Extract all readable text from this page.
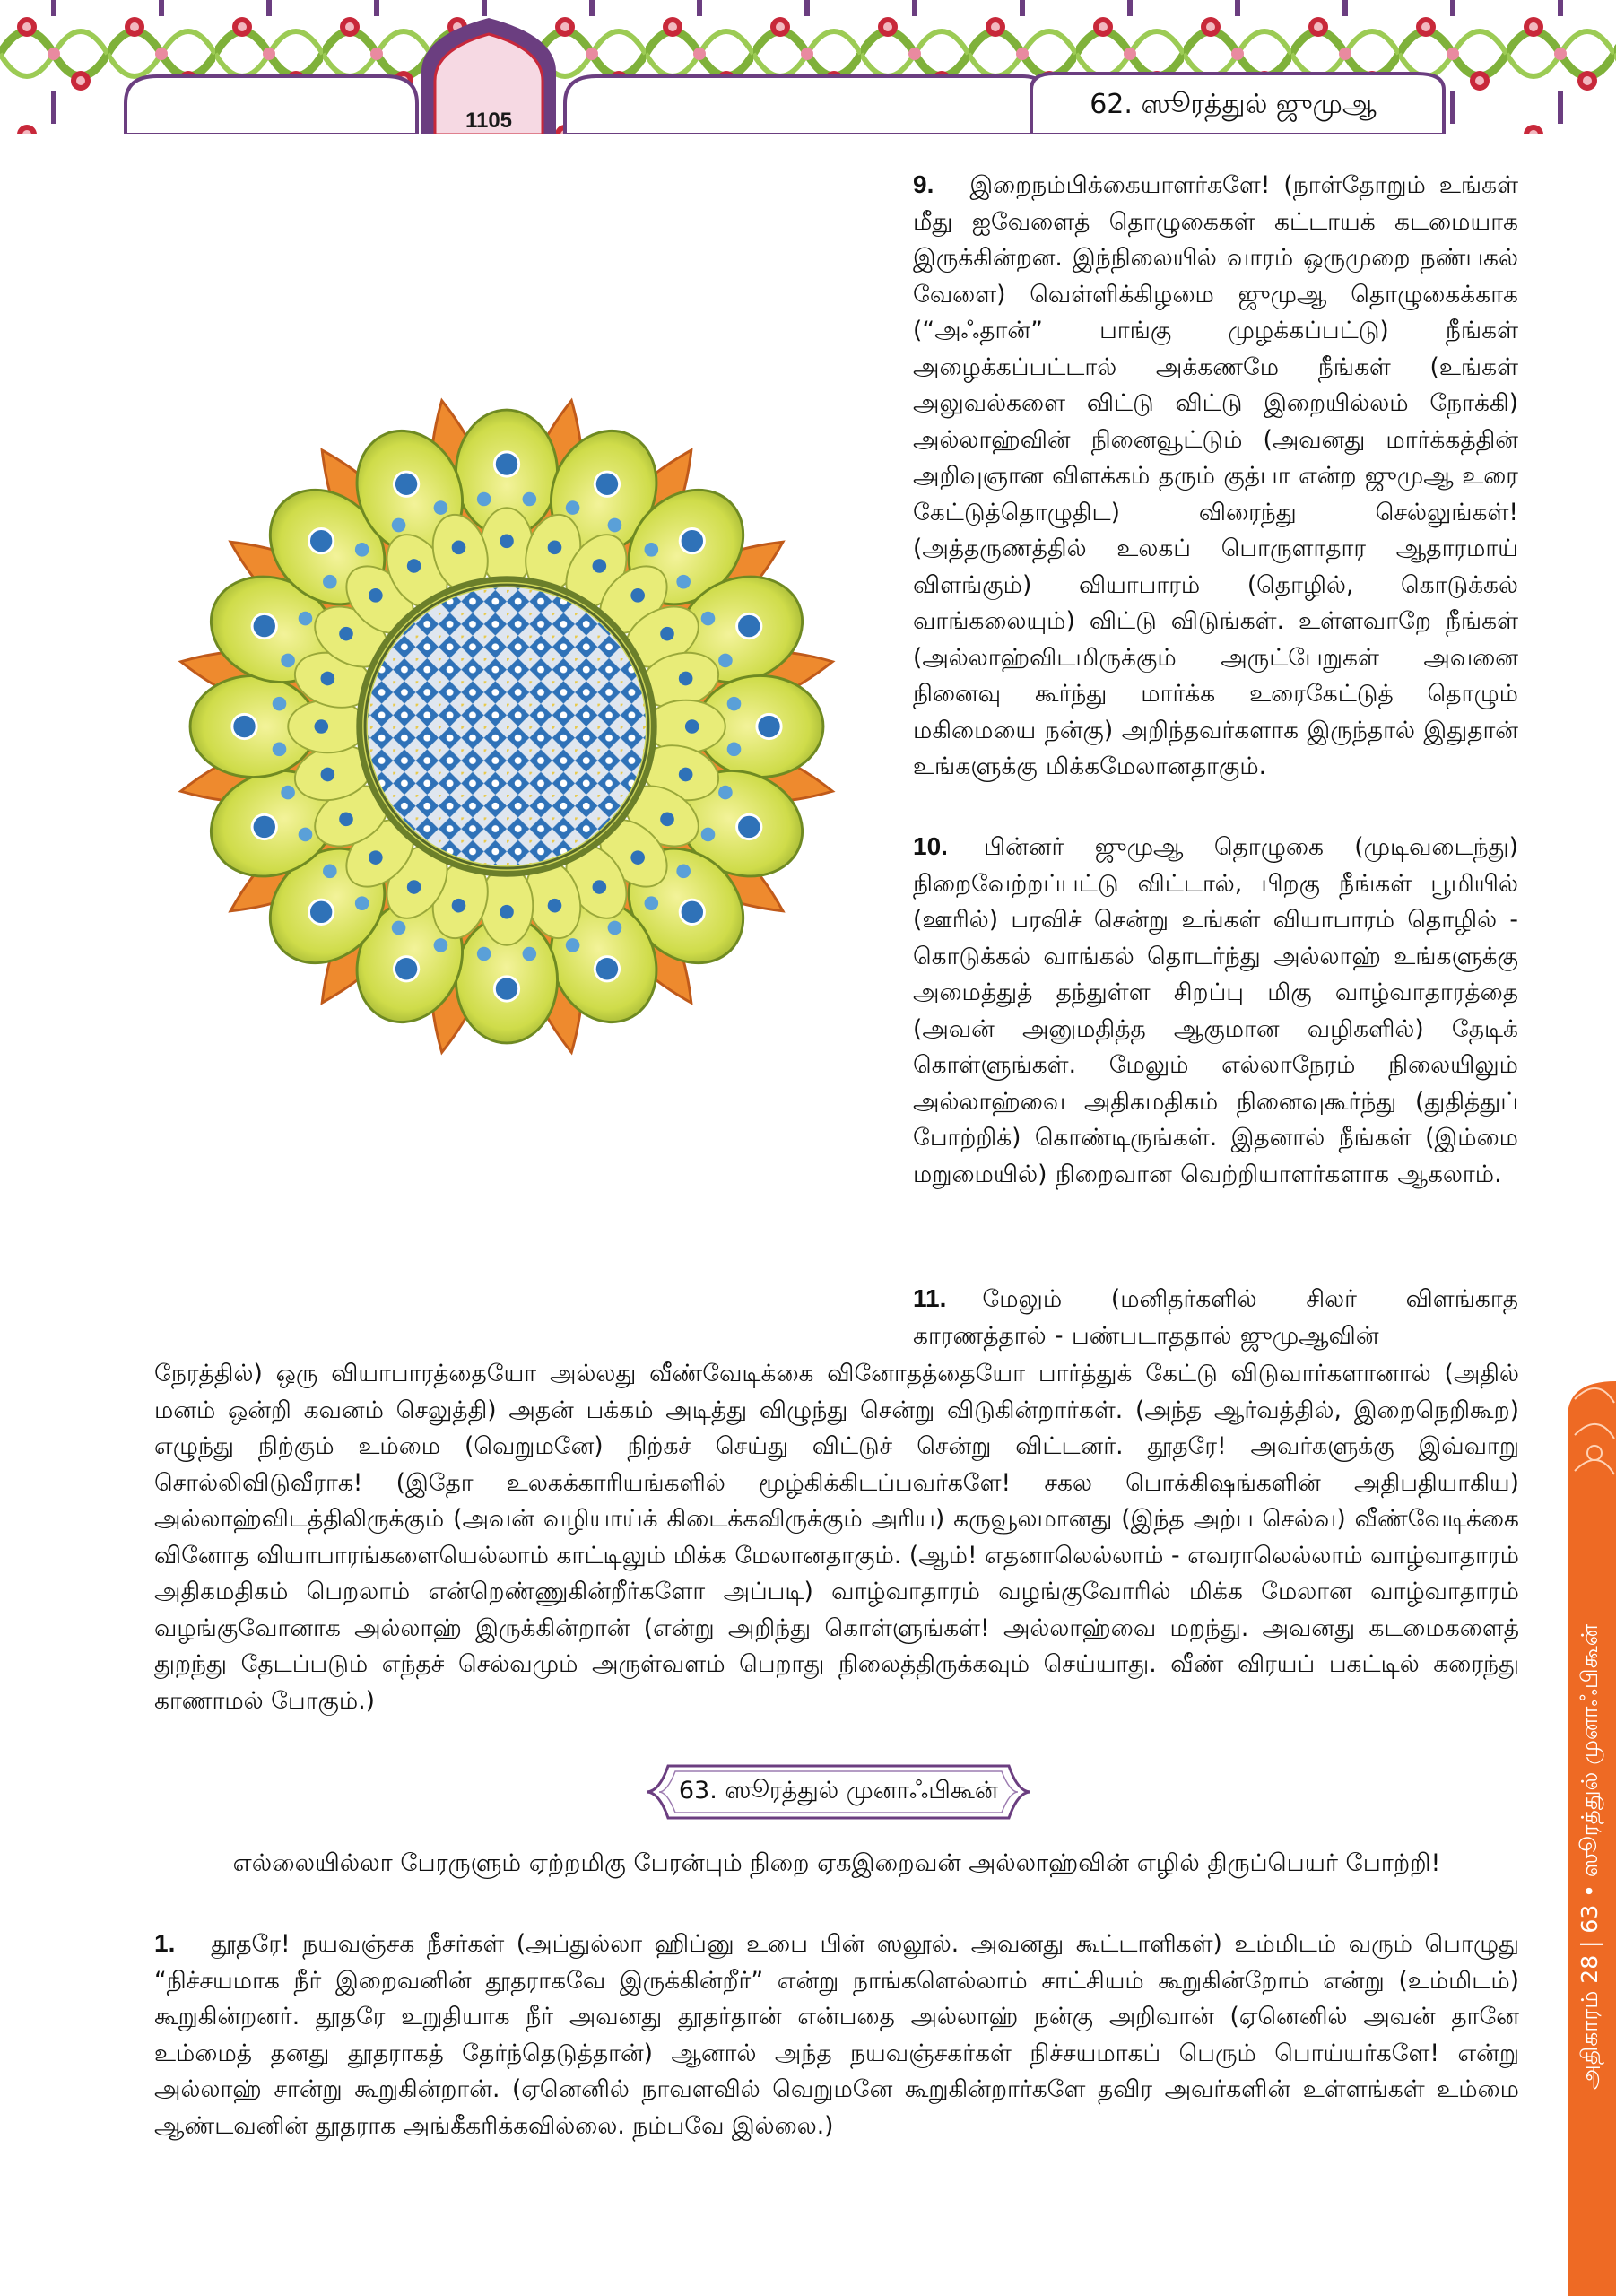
1105
62. ஸூரத்துல் ஜுமுஆ

9. இறைநம்பிக்கையாளர்களே! (நாள்தோறும் உங்கள் மீது ஐவேளைத் தொழுகைகள் கட்டாயக் கடமையாக இருக்கின்றன. இந்நிலையில் வாரம் ஒருமுறை நண்பகல் வேளை) வெள்ளிக்கிழமை ஜுமுஆ தொழுகைக்காக (“அஃதான்” பாங்கு முழக்கப்பட்டு) நீங்கள் அழைக்கப்பட்டால் அக்கணமே நீங்கள் (உங்கள் அலுவல்களை விட்டு விட்டு இறையில்லம் நோக்கி) அல்லாஹ்வின் நினைவூட்டும் (அவனது மார்க்கத்தின் அறிவுஞான விளக்கம் தரும் குத்பா என்ற ஜுமுஆ உரை கேட்டுத்தொழுதிட) விரைந்து செல்லுங்கள்! (அத்தருணத்தில் உலகப் பொருளாதார ஆதாரமாய் விளங்கும்) வியாபாரம் (தொழில், கொடுக்கல் வாங்கலையும்) விட்டு விடுங்கள். உள்ளவாறே நீங்கள் (அல்லாஹ்விடமிருக்கும் அருட்பேறுகள் அவனை நினைவு கூர்ந்து மார்க்க உரைகேட்டுத் தொழும் மகிமையை நன்கு) அறிந்தவர்களாக இருந்தால் இதுதான் உங்களுக்கு மிக்கமேலானதாகும்.

10. பின்னர் ஜுமுஆ தொழுகை (முடிவடைந்து) நிறைவேற்றப்பட்டு விட்டால், பிறகு நீங்கள் பூமியில் (ஊரில்) பரவிச் சென்று உங்கள் வியாபாரம் தொழில் - கொடுக்கல் வாங்கல் தொடர்ந்து அல்லாஹ் உங்களுக்கு அமைத்துத் தந்துள்ள சிறப்பு மிகு வாழ்வாதாரத்தை (அவன் அனுமதித்த ஆகுமான வழிகளில்) தேடிக் கொள்ளுங்கள். மேலும் எல்லாநேரம் நிலையிலும் அல்லாஹ்வை அதிகமதிகம் நினைவுகூர்ந்து (துதித்துப் போற்றிக்) கொண்டிருங்கள். இதனால் நீங்கள் (இம்மை மறுமையில்) நிறைவான வெற்றியாளர்களாக ஆகலாம்.

11. மேலும் (மனிதர்களில் சிலர் விளங்காத காரணத்தால் - பண்படாததால் ஜுமுஆவின்

நேரத்தில்) ஒரு வியாபாரத்தையோ அல்லது வீண்வேடிக்கை வினோதத்தையோ பார்த்துக் கேட்டு விடுவார்களானால் (அதில் மனம் ஒன்றி கவனம் செலுத்தி) அதன் பக்கம் அடித்து விழுந்து சென்று விடுகின்றார்கள். (அந்த ஆர்வத்தில், இறைநெறிகூற) எழுந்து நிற்கும் உம்மை (வெறுமனே) நிற்கச் செய்து விட்டுச் சென்று விட்டனர். தூதரே! அவர்களுக்கு இவ்வாறு சொல்லிவிடுவீராக! (இதோ உலகக்காரியங்களில் மூழ்கிக்கிடப்பவர்களே! சகல பொக்கிஷங்களின் அதிபதியாகிய) அல்லாஹ்விடத்திலிருக்கும் (அவன் வழியாய்க் கிடைக்கவிருக்கும் அரிய) கருவூலமானது (இந்த அற்ப செல்வ) வீண்வேடிக்கை வினோத வியாபாரங்களையெல்லாம் காட்டிலும் மிக்க மேலானதாகும். (ஆம்! எதனாலெல்லாம் - எவராலெல்லாம் வாழ்வாதாரம் அதிகமதிகம் பெறலாம் என்றெண்ணுகின்றீர்களோ அப்படி) வாழ்வாதாரம் வழங்குவோரில் மிக்க மேலான வாழ்வாதாரம் வழங்குவோனாக அல்லாஹ் இருக்கின்றான் (என்று அறிந்து கொள்ளுங்கள்! அல்லாஹ்வை மறந்து. அவனது கடமைகளைத் துறந்து தேடப்படும் எந்தச் செல்வமும் அருள்வளம் பெறாது நிலைத்திருக்கவும் செய்யாது. வீண் விரயப் பகட்டில் கரைந்து காணாமல் போகும்.)

63. ஸூரத்துல் முனாஃபிகூன்
எல்லையில்லா பேரருளும் ஏற்றமிகு பேரன்பும் நிறை ஏகஇறைவன் அல்லாஹ்வின் எழில் திருப்பெயர் போற்றி!

1. தூதரே! நயவஞ்சக நீசர்கள் (அப்துல்லா ஹிப்னு உபை பின் ஸலூல். அவனது கூட்டாளிகள்) உம்மிடம் வரும் பொழுது “நிச்சயமாக நீர் இறைவனின் தூதராகவே இருக்கின்றீர்” என்று நாங்களெல்லாம் சாட்சியம் கூறுகின்றோம் என்று (உம்மிடம்) கூறுகின்றனர். தூதரே உறுதியாக நீர் அவனது தூதர்தான் என்பதை அல்லாஹ் நன்கு அறிவான் (ஏனெனில் அவன் தானே உம்மைத் தனது தூதராகத் தேர்ந்தெடுத்தான்) ஆனால் அந்த நயவஞ்சகர்கள் நிச்சயமாகப் பெரும் பொய்யர்களே! என்று அல்லாஹ் சான்று கூறுகின்றான். (ஏனெனில் நாவளவில் வெறுமனே கூறுகின்றார்களே தவிர அவர்களின் உள்ளங்கள் உம்மை ஆண்டவனின் தூதராக அங்கீகரிக்கவில்லை. நம்பவே இல்லை.)

அதிகாரம் 28 | 63 • ஸூரத்துல் முனாஃபிகூன்
